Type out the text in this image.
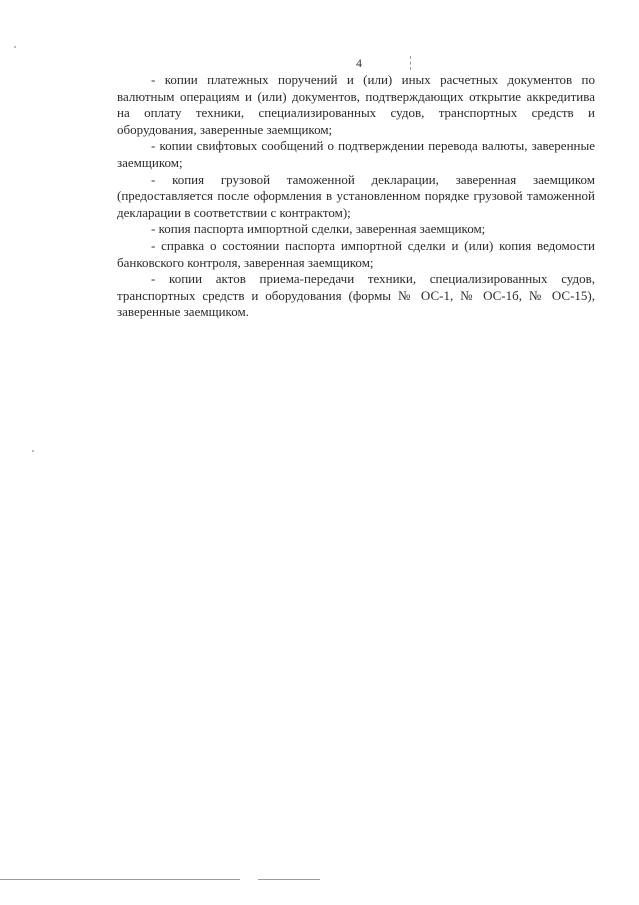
4

- копии платежных поручений и (или) иных расчетных документов по валютным операциям и (или) документов, подтверждающих открытие аккредитива на оплату техники, специализированных судов, транспортных средств и оборудования, заверенные заемщиком;

- копии свифтовых сообщений о подтверждении перевода валюты, заверенные заемщиком;

- копия грузовой таможенной декларации, заверенная заемщиком (предоставляется после оформления в установленном порядке грузовой таможенной декларации в соответствии с контрактом);

- копия паспорта импортной сделки, заверенная заемщиком;

- справка о состоянии паспорта импортной сделки и (или) копия ведомости банковского контроля, заверенная заемщиком;

- копии актов приема-передачи техники, специализированных судов, транспортных средств и оборудования (формы № ОС-1, № ОС-1б, № ОС-15), заверенные заемщиком.
